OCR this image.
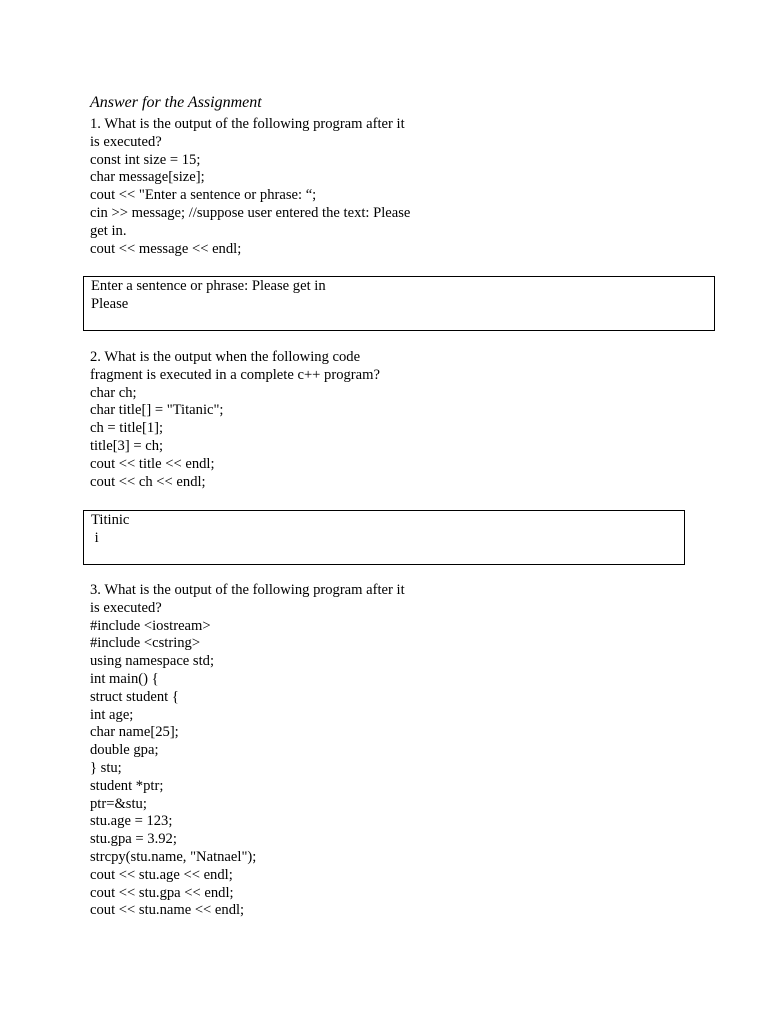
Answer for the Assignment
1. What is the output of the following program after it
is executed?
const int size = 15;
char message[size];
cout << "Enter a sentence or phrase: “;
cin >> message; //suppose user entered the text: Please
get in.
cout << message << endl;
Enter a sentence or phrase: Please get in
Please
2. What is the output when the following code
fragment is executed in a complete c++ program?
char ch;
char title[] = "Titanic";
ch = title[1];
title[3] = ch;
cout << title << endl;
cout << ch << endl;
Titinic
i
3. What is the output of the following program after it
is executed?
#include <iostream>
#include <cstring>
using namespace std;
int main() {
struct student {
int age;
char name[25];
double gpa;
} stu;
student *ptr;
ptr=&stu;
stu.age = 123;
stu.gpa = 3.92;
strcpy(stu.name, "Natnael");
cout << stu.age << endl;
cout << stu.gpa << endl;
cout << stu.name << endl;
